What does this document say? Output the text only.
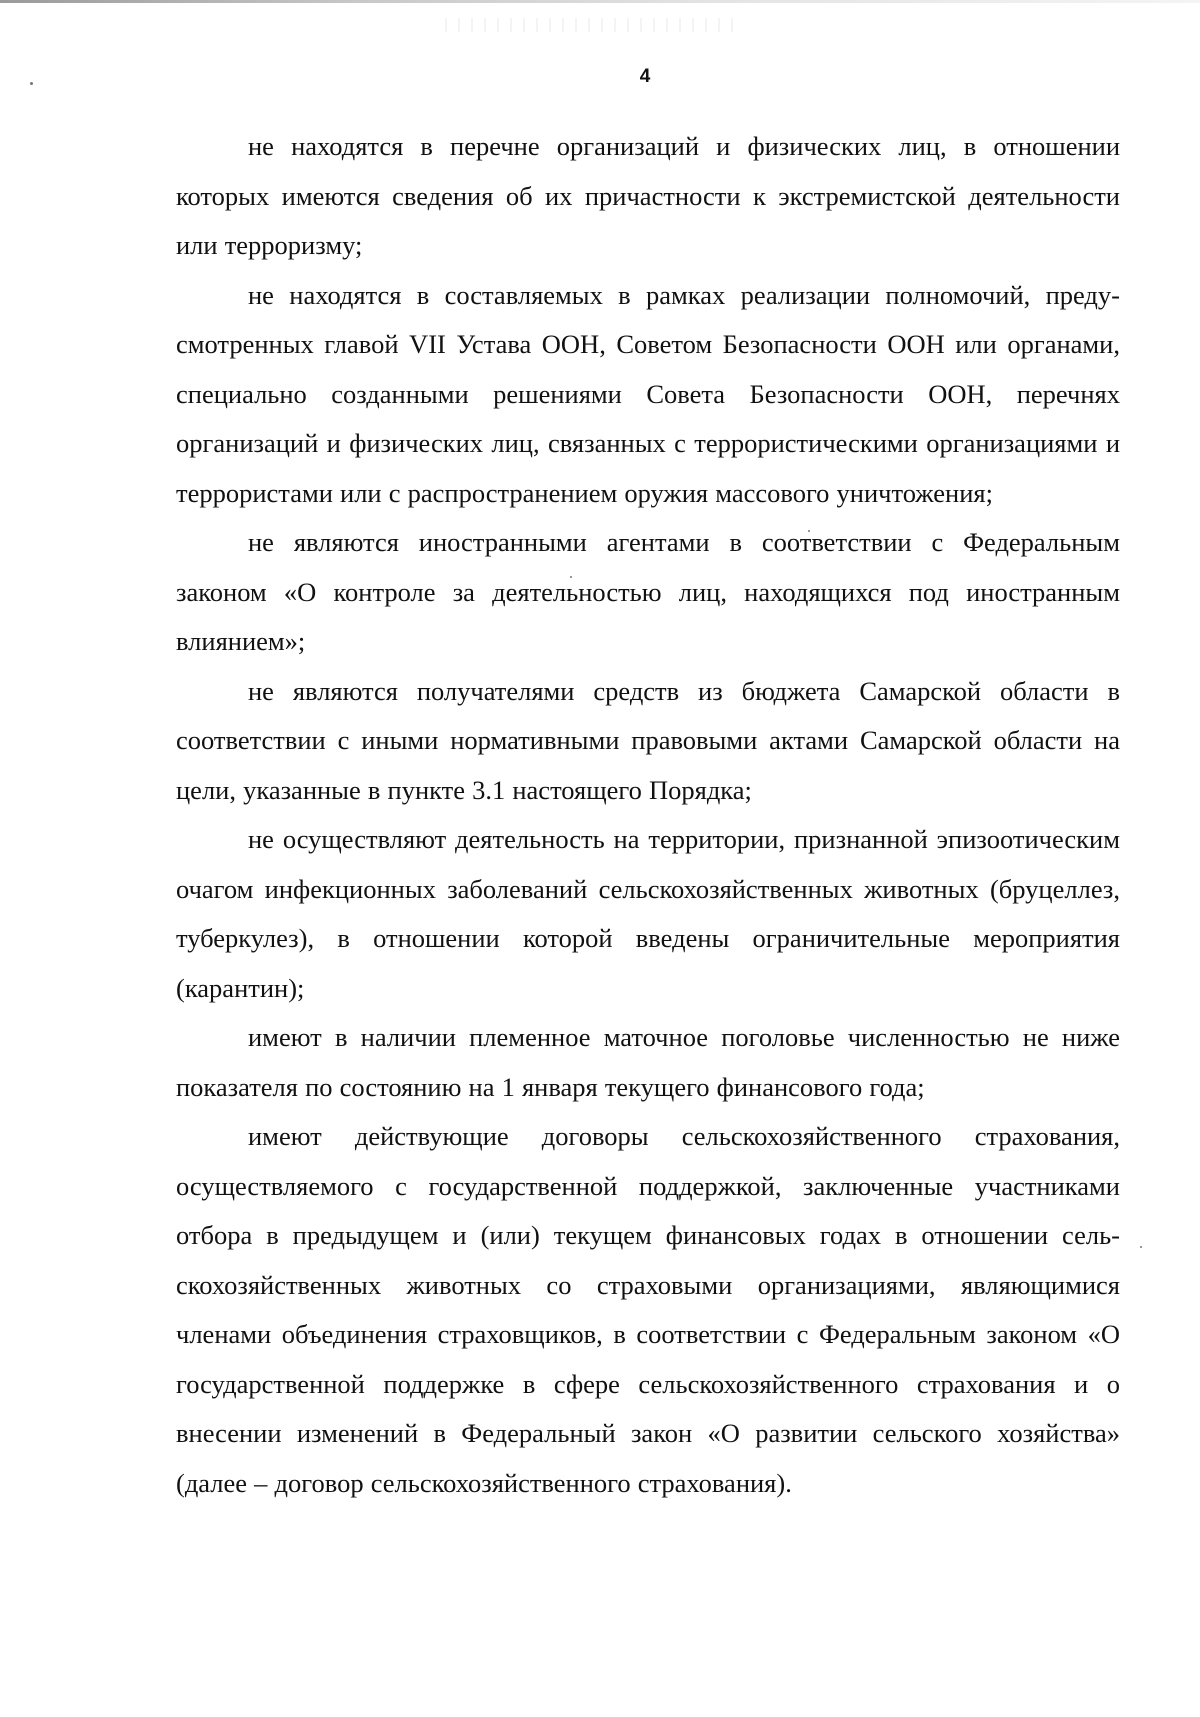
4

не находятся в перечне организаций и физических лиц, в отношении которых имеются сведения об их причастности к экстремистской деятельности или терроризму;

не находятся в составляемых в рамках реализации полномочий, предусмотренных главой VII Устава ООН, Советом Безопасности ООН или органами, специально созданными решениями Совета Безопасности ООН, перечнях организаций и физических лиц, связанных с террористическими организациями и террористами или с распространением оружия массового уничтожения;

не являются иностранными агентами в соответствии с Федеральным законом «О контроле за деятельностью лиц, находящихся под иностранным влиянием»;

не являются получателями средств из бюджета Самарской области в соответствии с иными нормативными правовыми актами Самарской области на цели, указанные в пункте 3.1 настоящего Порядка;

не осуществляют деятельность на территории, признанной эпизоотическим очагом инфекционных заболеваний сельскохозяйственных животных (бруцеллез, туберкулез), в отношении которой введены ограничительные мероприятия (карантин);

имеют в наличии племенное маточное поголовье численностью не ниже показателя по состоянию на 1 января текущего финансового года;

имеют действующие договоры сельскохозяйственного страхования, осуществляемого с государственной поддержкой, заключенные участниками отбора в предыдущем и (или) текущем финансовых годах в отношении сельскохозяйственных животных со страховыми организациями, являющимися членами объединения страховщиков, в соответствии с Федеральным законом «О государственной поддержке в сфере сельскохозяйственного страхования и о внесении изменений в Федеральный закон «О развитии сельского хозяйства» (далее – договор сельскохозяйственного страхования).
